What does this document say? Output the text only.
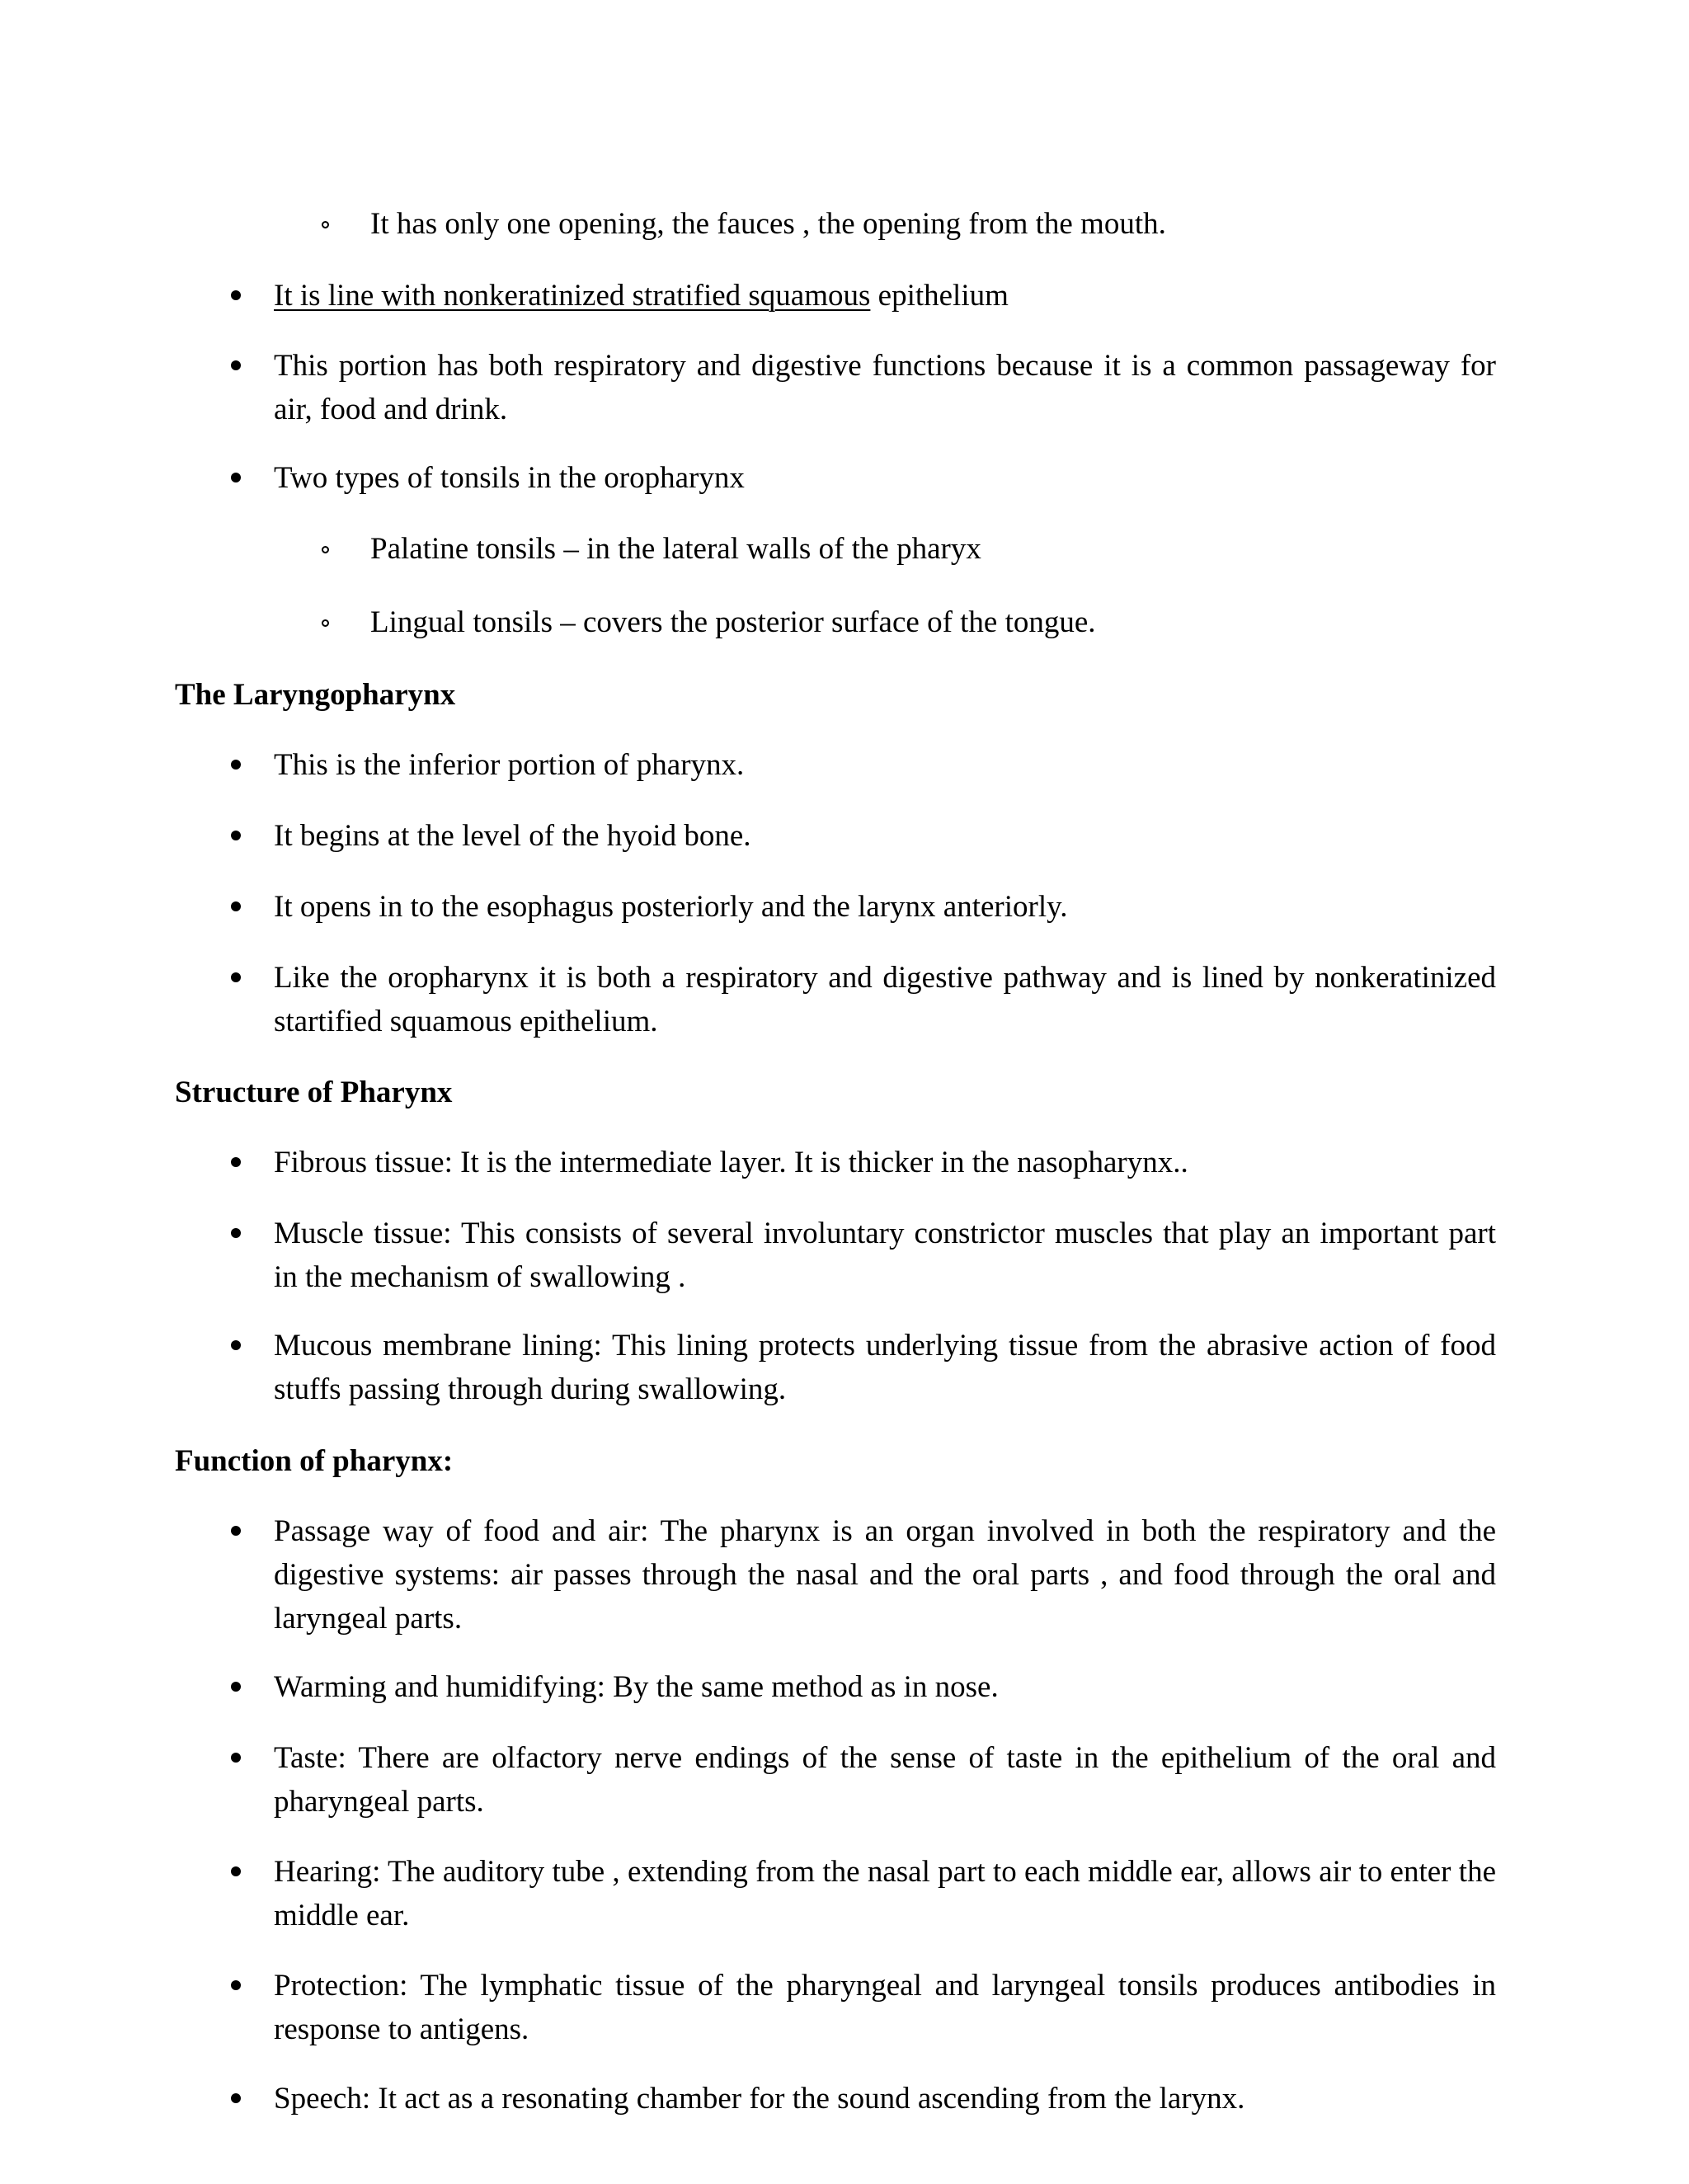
It has only one opening, the fauces , the opening from the mouth.
It is line with nonkeratinized stratified squamous epithelium
This portion has both respiratory and digestive functions because it is a common passageway for air, food and drink.
Two types of tonsils in the oropharynx
Palatine tonsils – in the lateral walls of the pharyx
Lingual tonsils – covers the posterior surface of the tongue.
The Laryngopharynx
This is the inferior portion of pharynx.
It begins at the level of the hyoid bone.
It opens in to the esophagus posteriorly and the larynx anteriorly.
Like the oropharynx it is both a respiratory and digestive pathway and is lined by nonkeratinized startified squamous epithelium.
Structure of Pharynx
Fibrous tissue: It is the intermediate layer. It is thicker in the nasopharynx..
Muscle tissue: This consists of several involuntary constrictor muscles that play an important part in the mechanism of swallowing .
Mucous membrane lining: This lining protects underlying tissue from the abrasive action of food stuffs passing through during swallowing.
Function of pharynx:
Passage way of food and air: The pharynx is an organ involved in both the respiratory and the digestive systems: air passes through the nasal and the oral parts , and food through the oral and laryngeal parts.
Warming and humidifying: By the same method as in nose.
Taste: There are olfactory nerve endings of the sense of taste in the epithelium of the oral and pharyngeal parts.
Hearing: The auditory tube , extending from the nasal part to each middle ear, allows air to enter the middle ear.
Protection: The lymphatic tissue of the pharyngeal and laryngeal tonsils produces antibodies in response to antigens.
Speech: It act as a resonating chamber for the sound ascending from the larynx.
